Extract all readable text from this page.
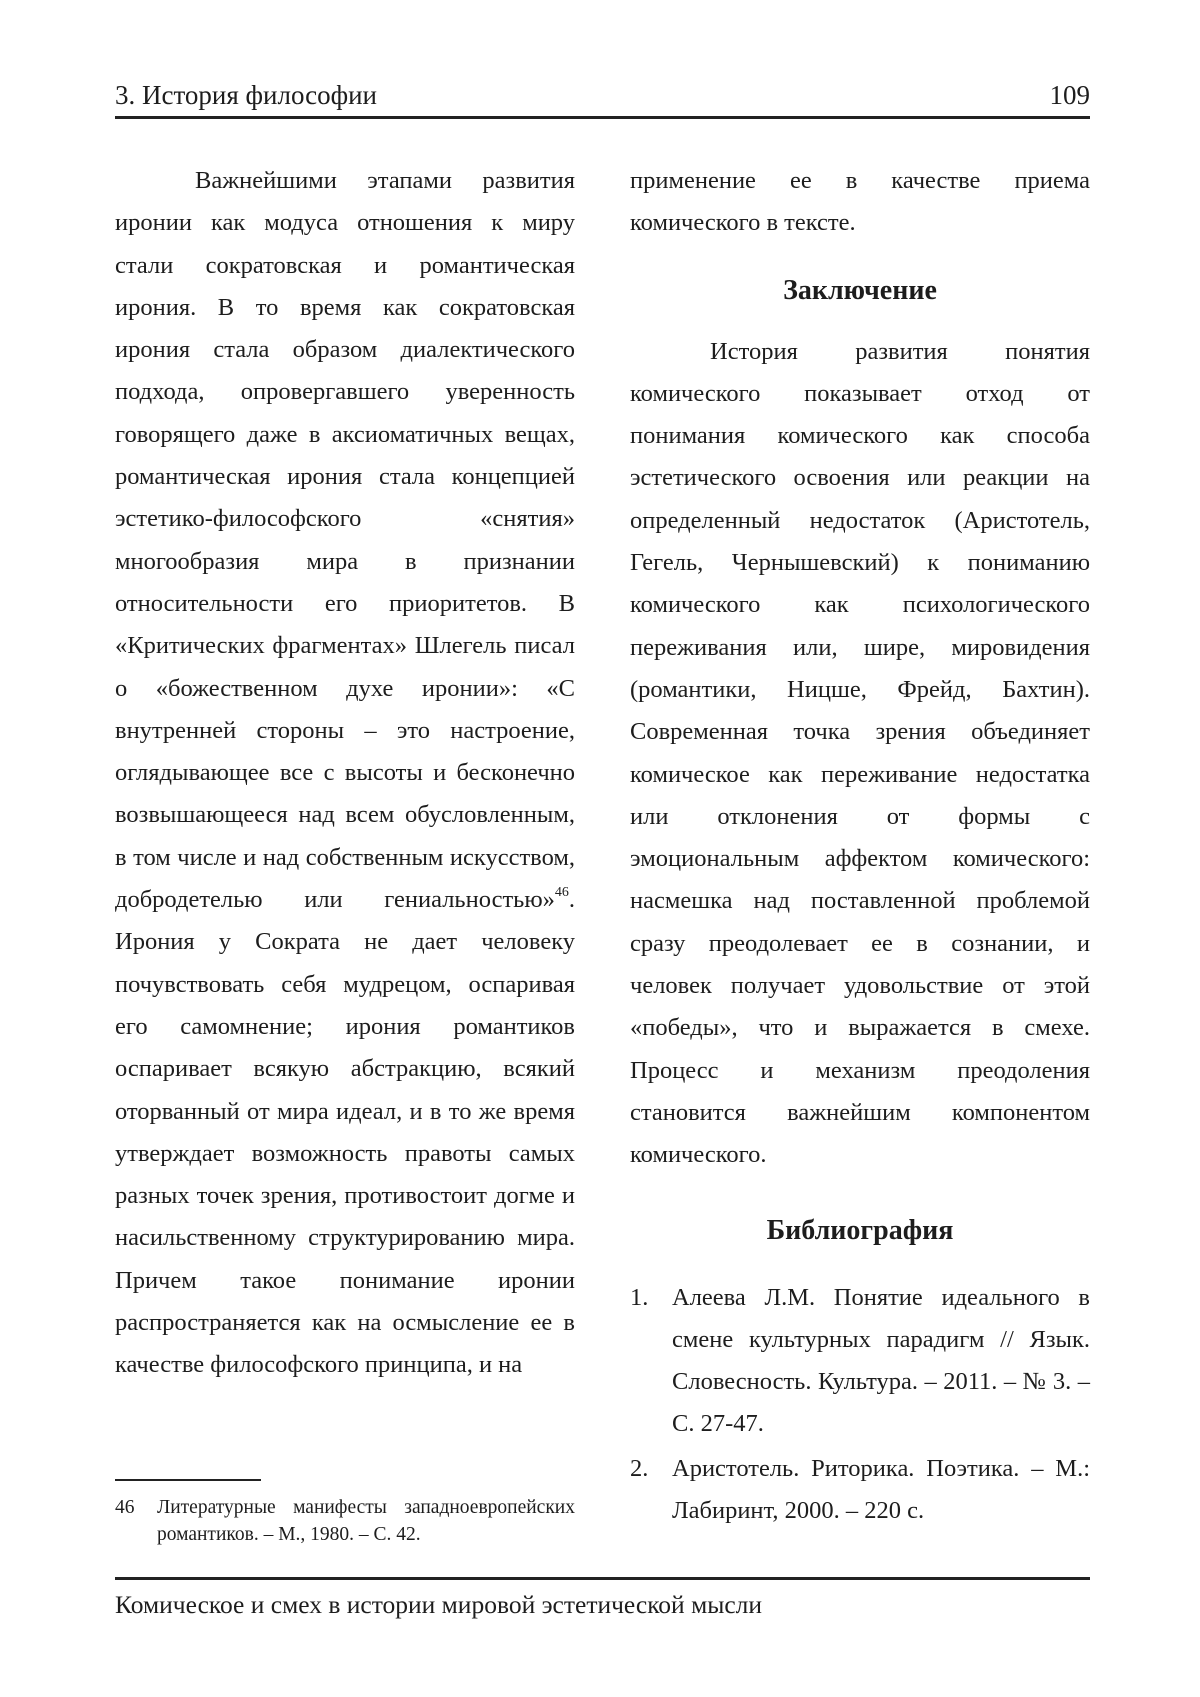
3. История философии	109

Важнейшими этапами развития иронии как модуса отношения к миру стали сократовская и романтическая ирония. В то время как сократовская ирония стала образом диалектического подхода, опровергавшего уверенность говорящего даже в аксиоматичных вещах, романтическая ирония стала концепцией эстетико-философского «снятия» многообразия мира в признании относительности его приоритетов. В «Критических фрагментах» Шлегель писал о «божественном духе иронии»: «С внутренней стороны – это настроение, оглядывающее все с высоты и бесконечно возвышающееся над всем обусловленным, в том числе и над собственным искусством, добродетелью или гениальностью»$^{46}$. Ирония у Сократа не дает человеку почувствовать себя мудрецом, оспаривая его самомнение; ирония романтиков оспаривает всякую абстракцию, всякий оторванный от мира идеал, и в то же время утверждает возможность правоты самых разных точек зрения, противостоит догме и насильственному структурированию мира. Причем такое понимание иронии распространяется как на осмысление ее в качестве философского принципа, и на

46 Литературные манифесты западноевропейских романтиков. – М., 1980. – С. 42.

применение ее в качестве приема комического в тексте.

Заключение

История развития понятия комического показывает отход от понимания комического как способа эстетического освоения или реакции на определенный недостаток (Аристотель, Гегель, Чернышевский) к пониманию комического как психологического переживания или, шире, мировидения (романтики, Ницше, Фрейд, Бахтин). Современная точка зрения объединяет комическое как переживание недостатка или отклонения от формы с эмоциональным аффектом комического: насмешка над поставленной проблемой сразу преодолевает ее в сознании, и человек получает удовольствие от этой «победы», что и выражается в смехе. Процесс и механизм преодоления становится важнейшим компонентом комического.

Библиография
1. Алеева Л.М. Понятие идеального в смене культурных парадигм // Язык. Словесность. Культура. – 2011. – № 3. – С. 27-47.
2. Аристотель. Риторика. Поэтика. – М.: Лабиринт, 2000. – 220 с.
Комическое и смех в истории мировой эстетической мысли
